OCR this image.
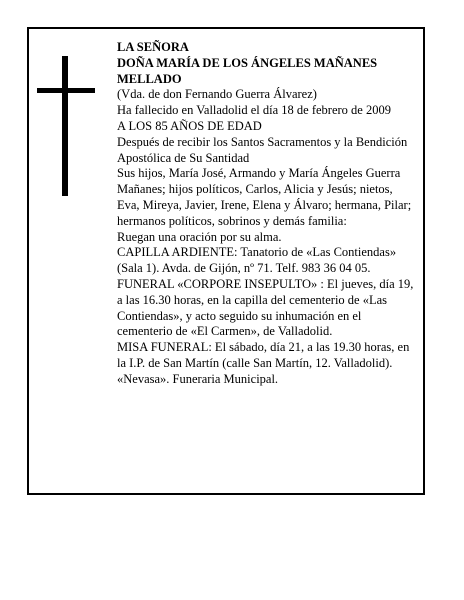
LA SEÑORA
DOÑA MARÍA DE LOS ÁNGELES MAÑANES MELLADO
(Vda. de don Fernando Guerra Álvarez)
Ha fallecido en Valladolid el día 18 de febrero de 2009
A LOS 85 AÑOS DE EDAD
Después de recibir los Santos Sacramentos y la Bendición Apostólica de Su Santidad
Sus hijos, María José, Armando y María Ángeles Guerra Mañanes; hijos políticos, Carlos, Alicia y Jesús; nietos, Eva, Mireya, Javier, Irene, Elena y Álvaro; hermana, Pilar; hermanos políticos, sobrinos y demás familia:
Ruegan una oración por su alma.
CAPILLA ARDIENTE: Tanatorio de «Las Contiendas» (Sala 1). Avda. de Gijón, nº 71. Telf. 983 36 04 05.
FUNERAL «CORPORE INSEPULTO» : El jueves, día 19, a las 16.30 horas, en la capilla del cementerio de «Las Contiendas», y acto seguido su inhumación en el cementerio de «El Carmen», de Valladolid.
MISA FUNERAL: El sábado, día 21, a las 19.30 horas, en la I.P. de San Martín (calle San Martín, 12. Valladolid).
«Nevasa». Funeraria Municipal.
